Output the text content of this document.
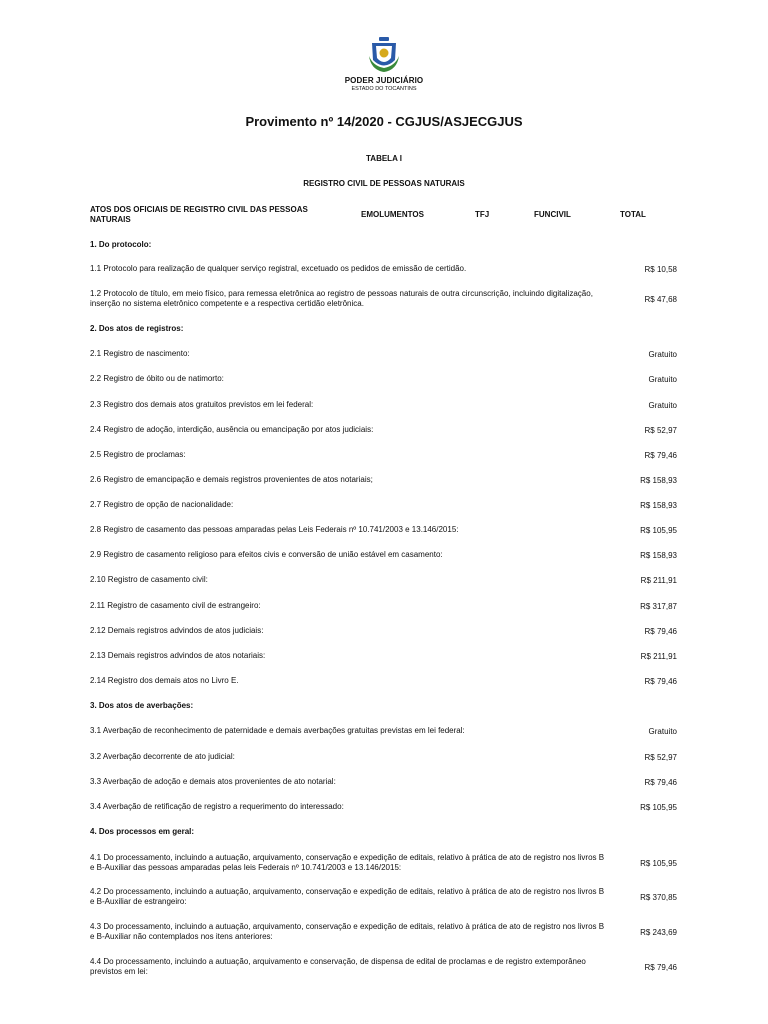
PODER JUDICIÁRIO
ESTADO DO TOCANTINS
Provimento nº 14/2020 - CGJUS/ASJECGJUS
TABELA I
REGISTRO CIVIL DE PESSOAS NATURAIS
ATOS DOS OFICIAIS DE REGISTRO CIVIL DAS PESSOAS NATURAIS
EMOLUMENTOS	TFJ	FUNCIVIL	TOTAL
1. Do protocolo:
1.1 Protocolo para realização de qualquer serviço registral, excetuado os pedidos de emissão de certidão.	R$ 10,58
1.2 Protocolo de título, em meio físico, para remessa eletrônica ao registro de pessoas naturais de outra circunscrição, incluindo digitalização, inserção no sistema eletrônico competente e a respectiva certidão eletrônica.	R$ 47,68
2. Dos atos de registros:
2.1 Registro de nascimento:	Gratuito
2.2 Registro de óbito ou de natimorto:	Gratuito
2.3 Registro dos demais atos gratuitos previstos em lei federal:	Gratuito
2.4 Registro de adoção, interdição, ausência ou emancipação por atos judiciais:	R$ 52,97
2.5 Registro de proclamas:	R$ 79,46
2.6 Registro de emancipação e demais registros provenientes de atos notariais;	R$ 158,93
2.7 Registro de opção de nacionalidade:	R$ 158,93
2.8 Registro de casamento das pessoas amparadas pelas Leis Federais nº 10.741/2003 e 13.146/2015:	R$ 105,95
2.9 Registro de casamento religioso para efeitos civis e conversão de união estável em casamento:	R$ 158,93
2.10 Registro de casamento civil:	R$ 211,91
2.11 Registro de casamento civil de estrangeiro:	R$ 317,87
2.12 Demais registros advindos de atos judiciais:	R$ 79,46
2.13 Demais registros advindos de atos notariais:	R$ 211,91
2.14 Registro dos demais atos no Livro E.	R$ 79,46
3. Dos atos de averbações:
3.1 Averbação de reconhecimento de paternidade e demais averbações gratuitas previstas em lei federal:	Gratuito
3.2 Averbação decorrente de ato judicial:	R$ 52,97
3.3 Averbação de adoção e demais atos provenientes de ato notarial:	R$ 79,46
3.4 Averbação de retificação de registro a requerimento do interessado:	R$ 105,95
4. Dos processos em geral:
4.1 Do processamento, incluindo a autuação, arquivamento, conservação e expedição de editais, relativo à prática de ato de registro nos livros B e B-Auxiliar das pessoas amparadas pelas leis Federais nº 10.741/2003 e 13.146/2015:	R$ 105,95
4.2 Do processamento, incluindo a autuação, arquivamento, conservação e expedição de editais, relativo à prática de ato de registro nos livros B e B-Auxiliar de estrangeiro:	R$ 370,85
4.3 Do processamento, incluindo a autuação, arquivamento, conservação e expedição de editais, relativo à prática de ato de registro nos livros B e B-Auxiliar não contemplados nos itens anteriores:	R$ 243,69
4.4 Do processamento, incluindo a autuação, arquivamento e conservação, de dispensa de edital de proclamas e de registro extemporâneo previstos em lei:	R$ 79,46
